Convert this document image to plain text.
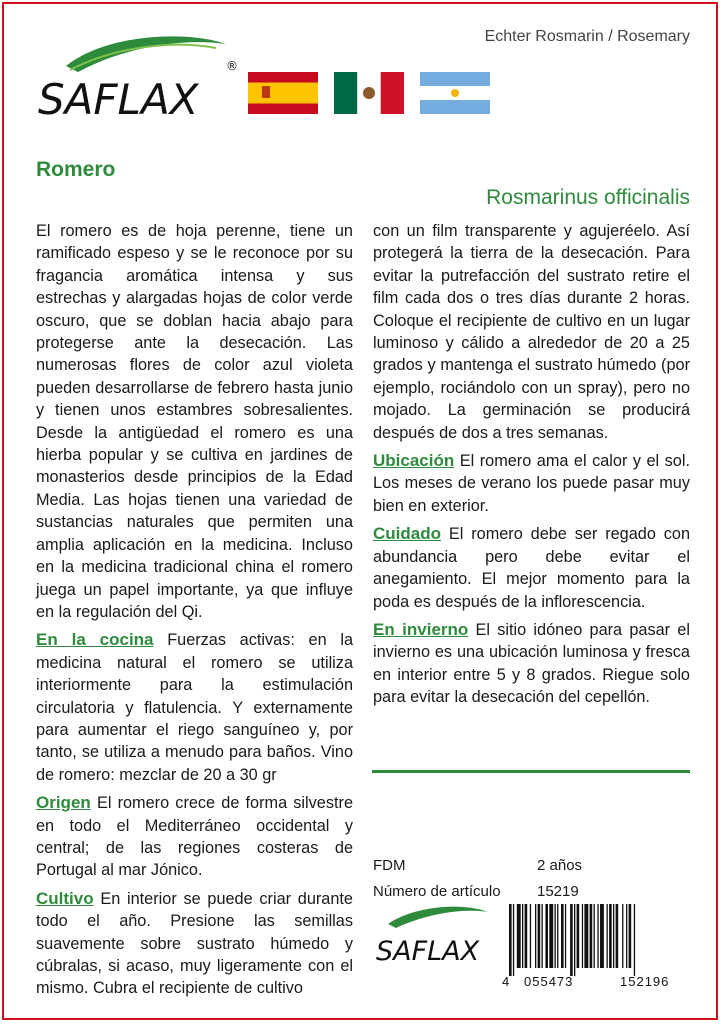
Echter Rosmarin / Rosemary
SAFLAX
®
Romero
Rosmarinus officinalis

El romero es de hoja perenne, tiene un ramificado espeso y se le reconoce por su fragancia aromática intensa y sus estrechas y alargadas hojas de color verde oscuro, que se doblan hacia abajo para protegerse ante la desecación. Las numerosas flores de color azul violeta pueden desarrollarse de febrero hasta junio y tienen unos estambres sobresalientes. Desde la antigüedad el romero es una hierba popular y se cultiva en jardines de monasterios desde principios de la Edad Media. Las hojas tienen una variedad de sustancias naturales que permiten una amplia aplicación en la medicina. Incluso en la medicina tradicional china el romero juega un papel importante, ya que influye en la regulación del Qi.

En la cocina Fuerzas activas: en la medicina natural el romero se utiliza interiormente para la estimulación circulatoria y flatulencia. Y externamente para aumentar el riego sanguíneo y, por tanto, se utiliza a menudo para baños. Vino de romero: mezclar de 20 a 30 gr

Origen El romero crece de forma silvestre en todo el Mediterráneo occidental y central; de las regiones costeras de Portugal al mar Jónico.

Cultivo En interior se puede criar durante todo el año. Presione las semillas suavemente sobre sustrato húmedo y cúbralas, si acaso, muy ligeramente con el mismo. Cubra el recipiente de cultivo

con un film transparente y agujeréelo. Así protegerá la tierra de la desecación. Para evitar la putrefacción del sustrato retire el film cada dos o tres días durante 2 horas. Coloque el recipiente de cultivo en un lugar luminoso y cálido a alrededor de 20 a 25 grados y mantenga el sustrato húmedo (por ejemplo, rociándolo con un spray), pero no mojado. La germinación se producirá después de dos a tres semanas.

Ubicación El romero ama el calor y el sol. Los meses de verano los puede pasar muy bien en exterior.

Cuidado El romero debe ser regado con abundancia pero debe evitar el anegamiento. El mejor momento para la poda es después de la inflorescencia.

En invierno El sitio idóneo para pasar el invierno es una ubicación luminosa y fresca en interior entre 5 y 8 grados. Riegue solo para evitar la desecación del cepellón.

FDM	2 años
Número de artículo 15219
SAFLAX
4 055473	152196
